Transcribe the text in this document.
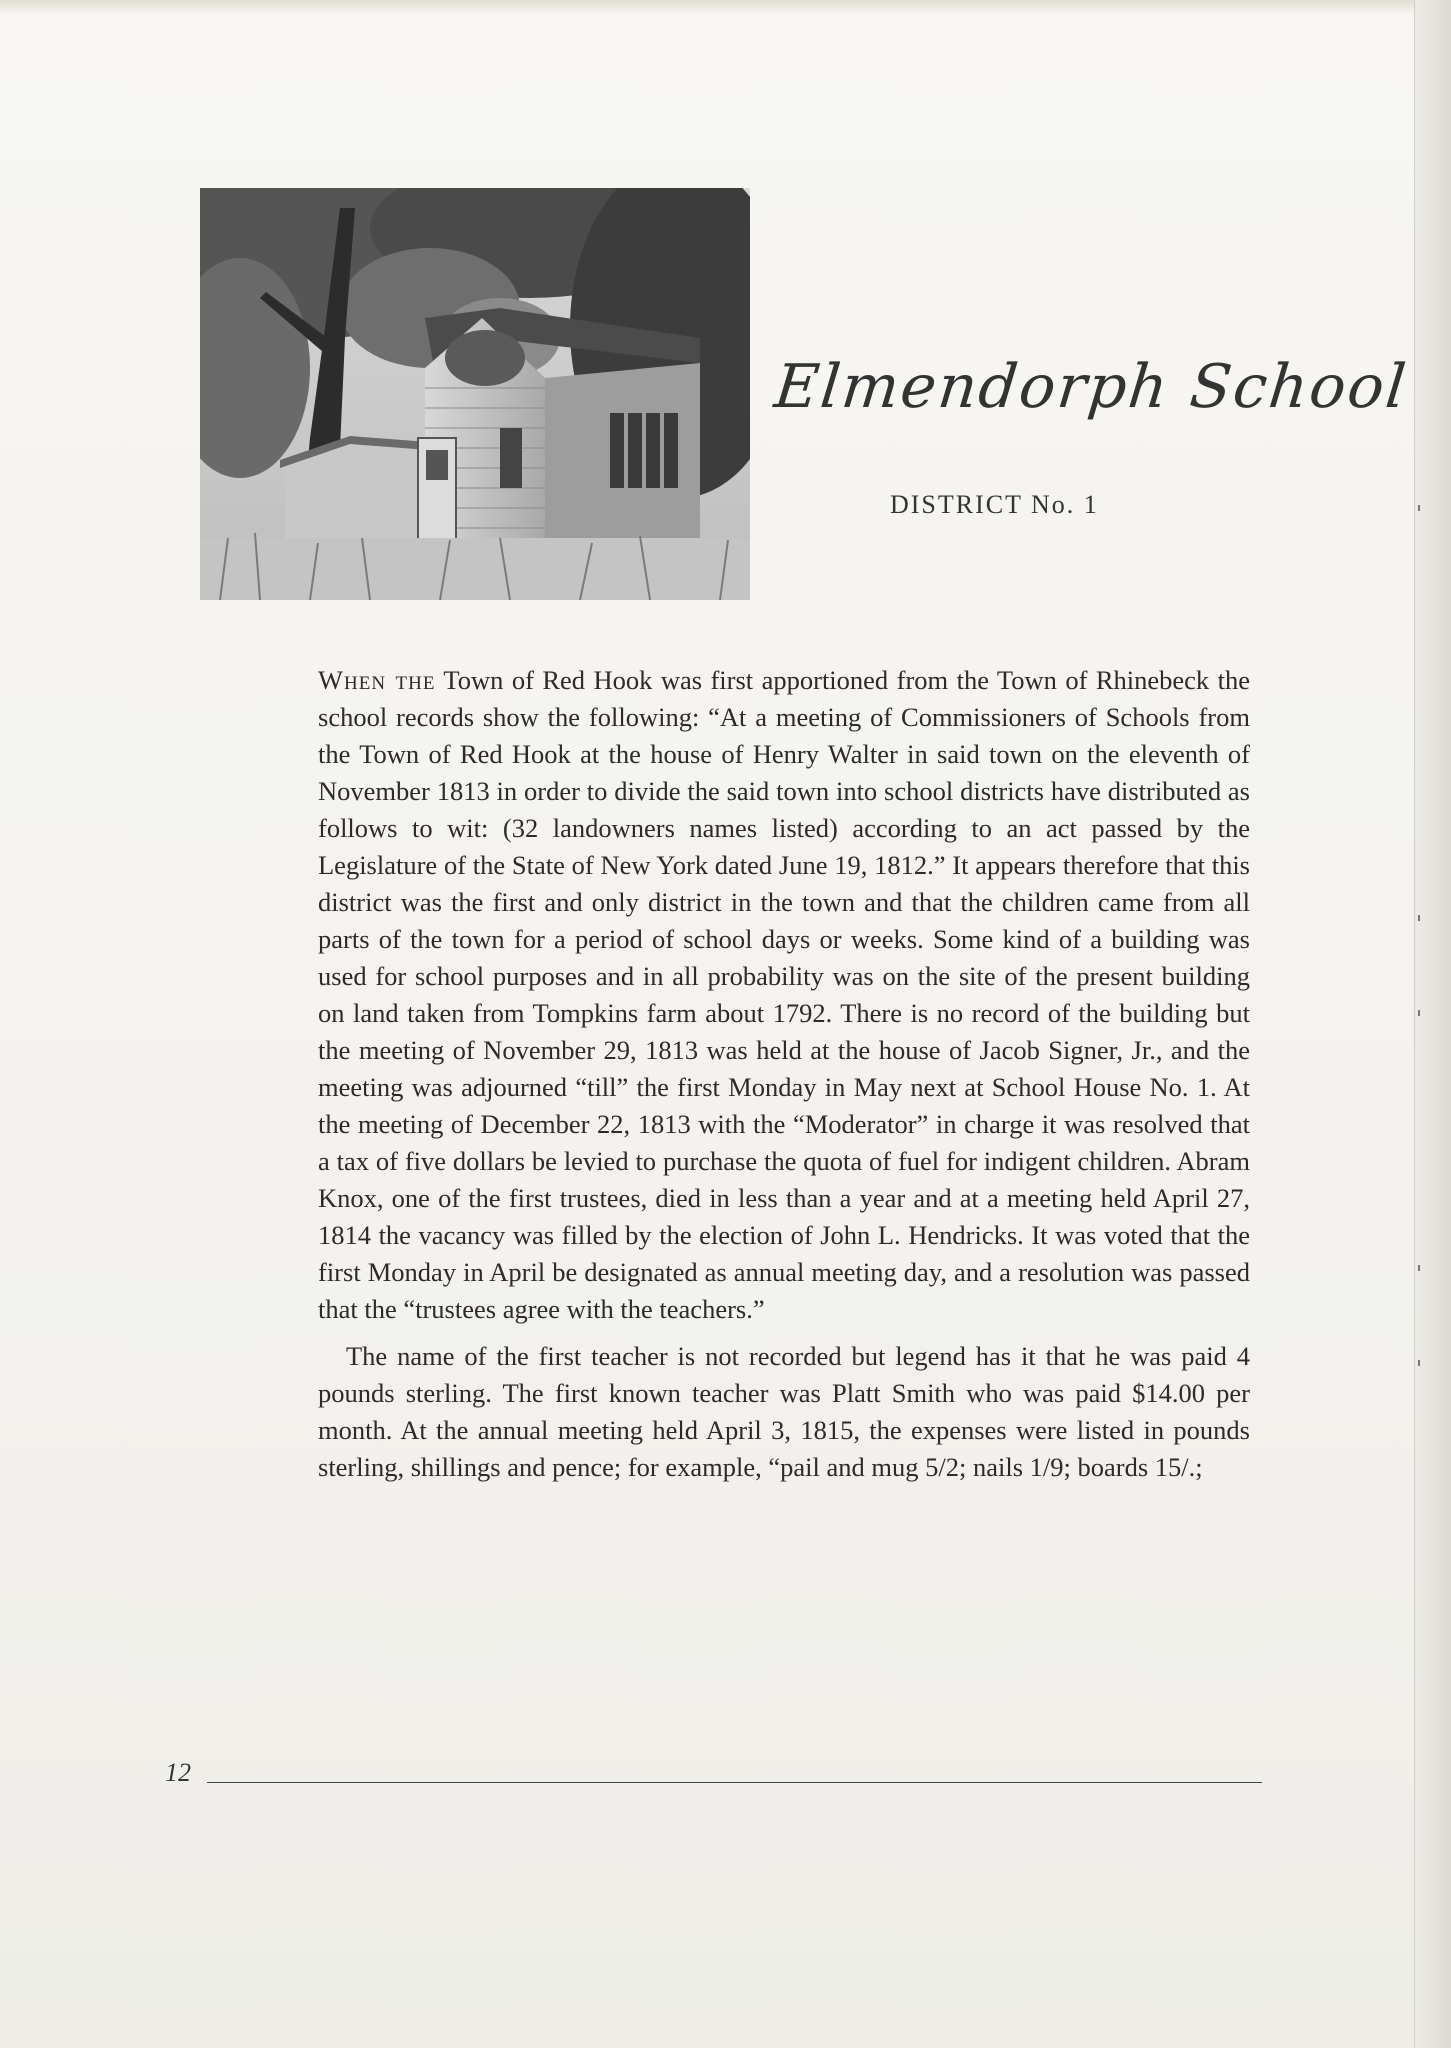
Elmendorph School
DISTRICT No. 1

When the Town of Red Hook was first apportioned from the Town of Rhinebeck the school records show the following: “At a meeting of Commissioners of Schools from the Town of Red Hook at the house of Henry Walter in said town on the eleventh of November 1813 in order to divide the said town into school districts have distributed as follows to wit: (32 landowners names listed) according to an act passed by the Legislature of the State of New York dated June 19, 1812.” It appears therefore that this district was the first and only district in the town and that the children came from all parts of the town for a period of school days or weeks. Some kind of a building was used for school purposes and in all probability was on the site of the present building on land taken from Tompkins farm about 1792. There is no record of the building but the meeting of November 29, 1813 was held at the house of Jacob Signer, Jr., and the meeting was adjourned “till” the first Monday in May next at School House No. 1. At the meeting of December 22, 1813 with the “Moderator” in charge it was resolved that a tax of five dollars be levied to purchase the quota of fuel for indigent children. Abram Knox, one of the first trustees, died in less than a year and at a meeting held April 27, 1814 the vacancy was filled by the election of John L. Hendricks. It was voted that the first Monday in April be designated as annual meeting day, and a resolution was passed that the “trustees agree with the teachers.”

The name of the first teacher is not recorded but legend has it that he was paid 4 pounds sterling. The first known teacher was Platt Smith who was paid $14.00 per month. At the annual meeting held April 3, 1815, the expenses were listed in pounds sterling, shillings and pence; for example, “pail and mug 5/2; nails 1/9; boards 15/.;

12
